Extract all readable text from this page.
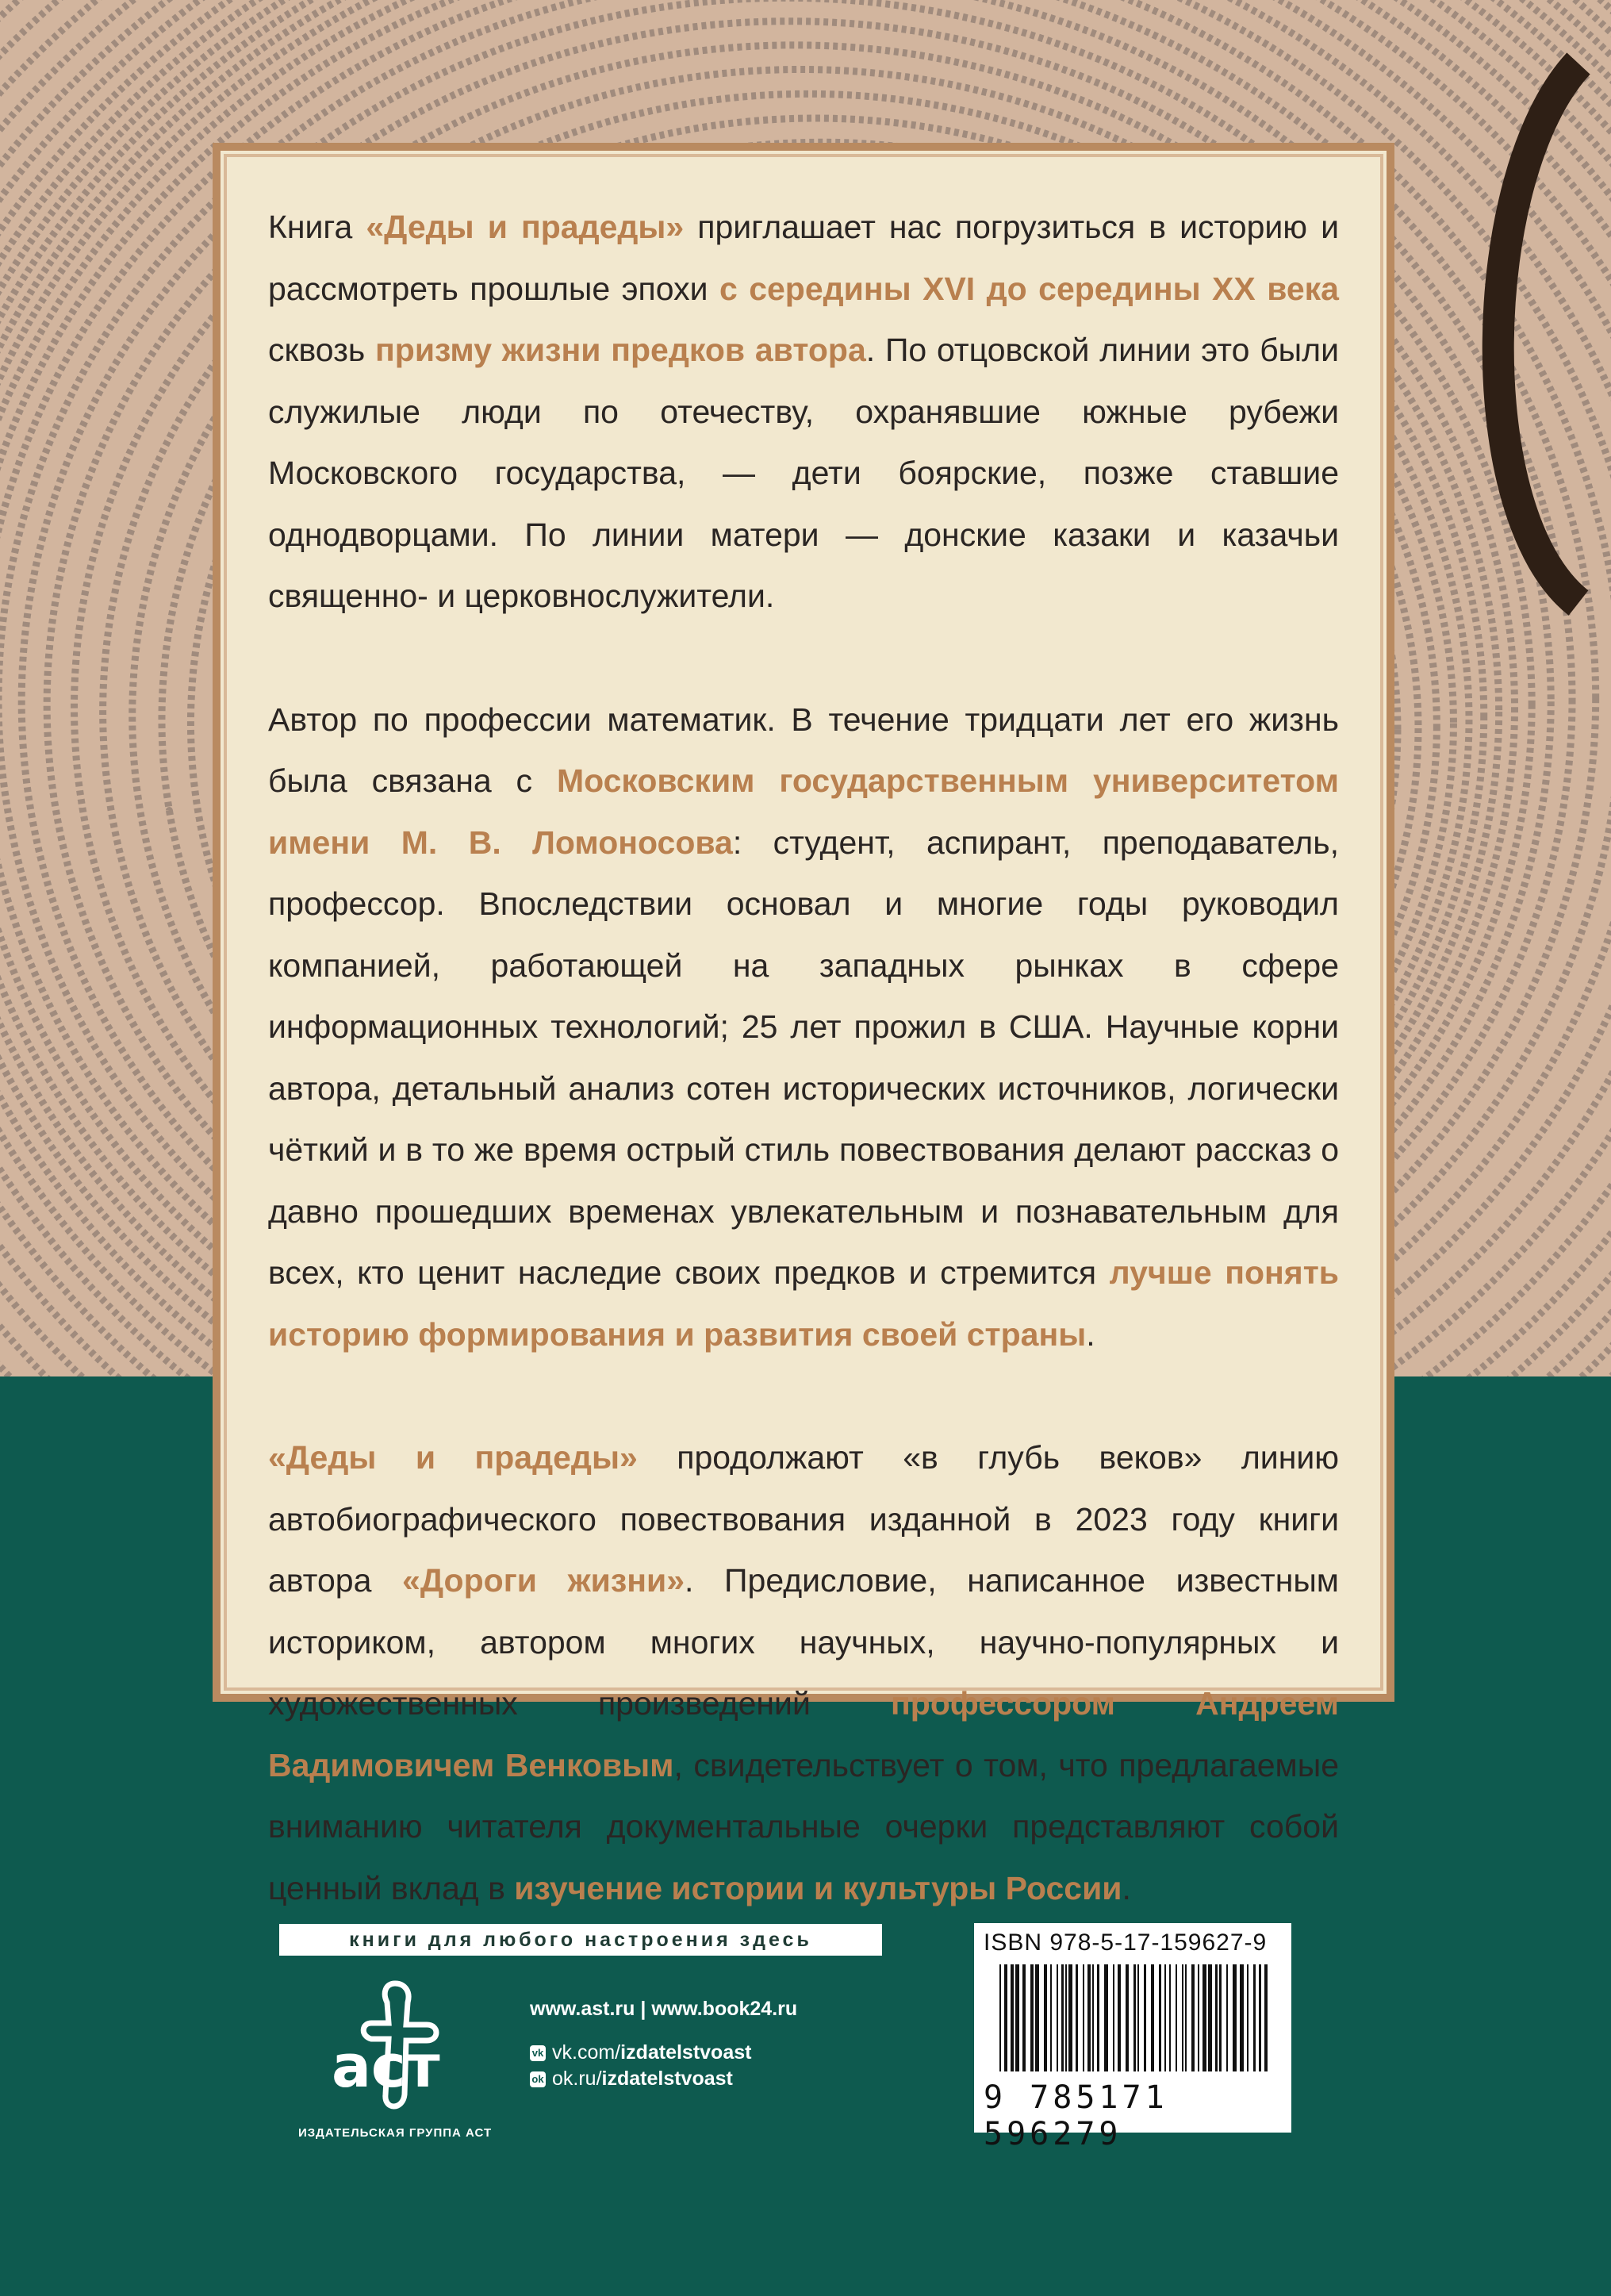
Книга «Деды и прадеды» приглашает нас погрузиться в историю и рассмотреть прошлые эпохи с середины XVI до середины XX века сквозь призму жизни предков автора. По отцовской линии это были служилые люди по отечеству, охранявшие южные рубежи Московского государства, — дети боярские, позже ставшие однодворцами. По линии матери — донские казаки и казачьи священно- и церковнослужители.

Автор по профессии математик. В течение тридцати лет его жизнь была связана с Московским государственным университетом имени М. В. Ломоносова: студент, аспирант, преподаватель, профессор. Впоследствии основал и многие годы руководил компанией, работающей на западных рынках в сфере информационных технологий; 25 лет прожил в США. Научные корни автора, детальный анализ сотен исторических источников, логически чёткий и в то же время острый стиль повествования делают рассказ о давно прошедших временах увлекательным и познавательным для всех, кто ценит наследие своих предков и стремится лучше понять историю формирования и развития своей страны.

«Деды и прадеды» продолжают «в глубь веков» линию автобиографического повествования изданной в 2023 году книги автора «Дороги жизни». Предисловие, написанное известным историком, автором многих научных, научно-популярных и художественных произведений профессором Андреем Вадимовичем Венковым, свидетельствует о том, что предлагаемые вниманию читателя документальные очерки представляют собой ценный вклад в изучение истории и культуры России.

книги для любого настроения здесь
аст
ИЗДАТЕЛЬСКАЯ ГРУППА АСТ
www.ast.ru | www.book24.ru
vk vk.com/ izdatelstvoast
ok ok.ru/ izdatelstvoast
ISBN 978-5-17-159627-9
9 785171 596279
